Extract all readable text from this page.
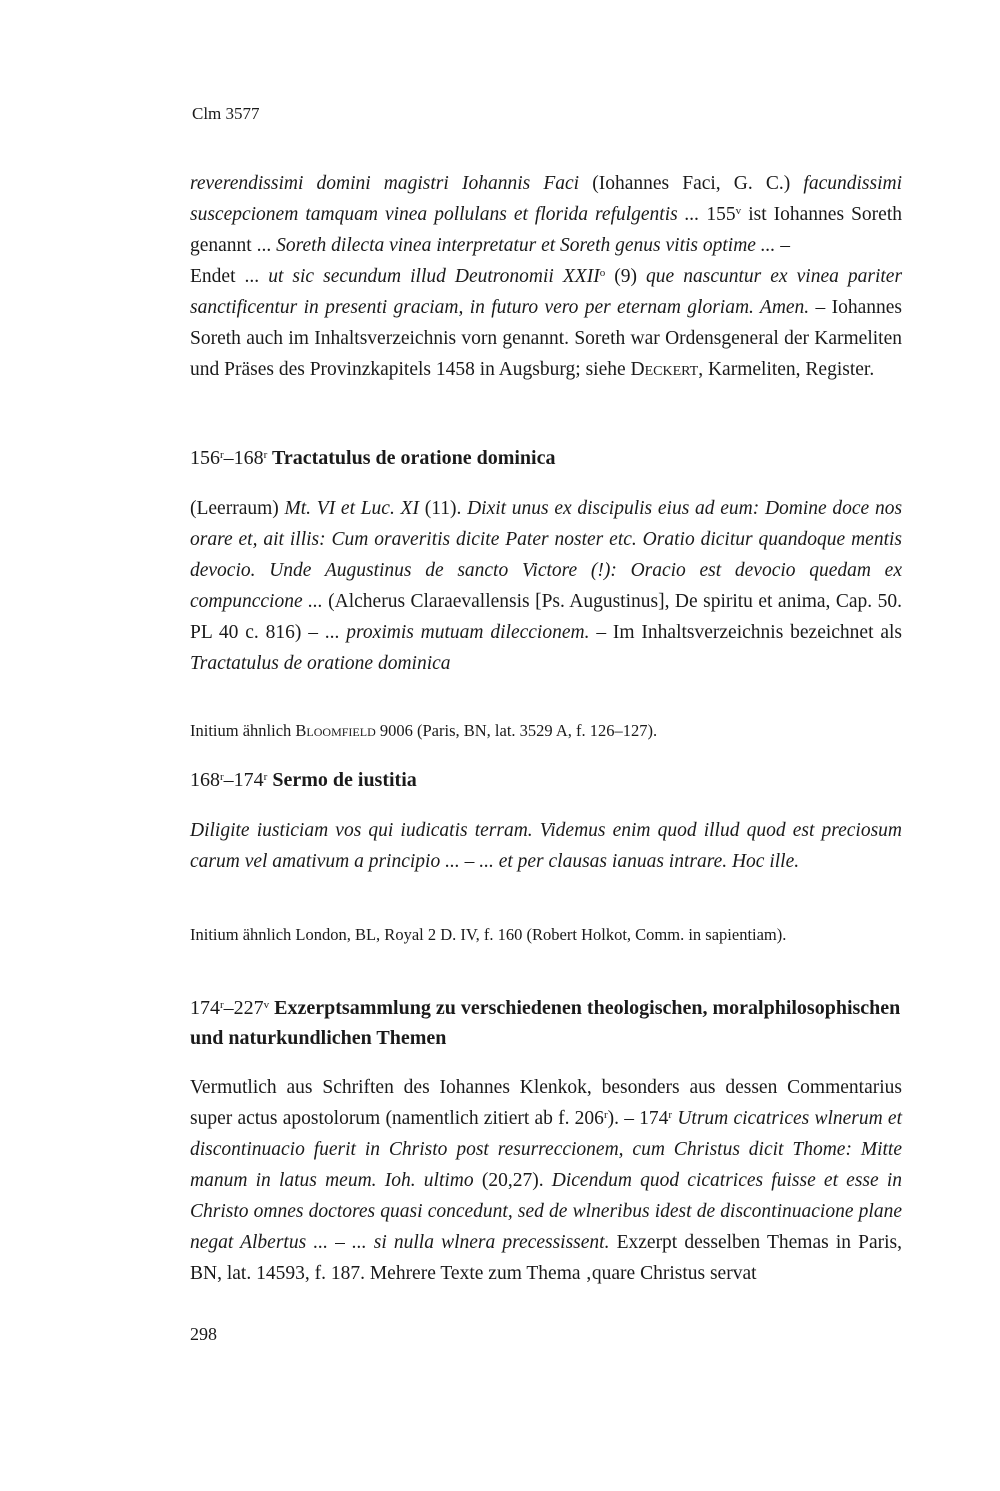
Clm 3577
reverendissimi domini magistri Iohannis Faci (Iohannes Faci, G. C.) facundissimi suscepcionem tamquam vinea pollulans et florida refulgentis ... 155$^v$ ist Iohannes Soreth genannt ... Soreth dilecta vinea interpretatur et Soreth genus vitis optime ... –
Endet ... ut sic secundum illud Deutronomii XXII$^o$ (9) que nascuntur ex vinea pariter sanctificentur in presenti graciam, in futuro vero per eternam gloriam. Amen. – Iohannes Soreth auch im Inhaltsverzeichnis vorn genannt. Soreth war Ordensgeneral der Karmeliten und Präses des Provinzkapitels 1458 in Augsburg; siehe Deckert, Karmeliten, Register.
156$^r$–168$^r$ Tractatulus de oratione dominica
(Leerraum) Mt. VI et Luc. XI (11). Dixit unus ex discipulis eius ad eum: Domine doce nos orare et, ait illis: Cum oraveritis dicite Pater noster etc. Oratio dicitur quandoque mentis devocio. Unde Augustinus de sancto Victore (!): Oracio est devocio quedam ex compunccione ... (Alcherus Claraevallensis [Ps. Augustinus], De spiritu et anima, Cap. 50. PL 40 c. 816) – ... proximis mutuam dileccionem. – Im Inhaltsverzeichnis bezeichnet als Tractatulus de oratione dominica
Initium ähnlich Bloomfield 9006 (Paris, BN, lat. 3529 A, f. 126–127).
168$^r$–174$^r$ Sermo de iustitia
Diligite iusticiam vos qui iudicatis terram. Videmus enim quod illud quod est preciosum carum vel amativum a principio ... – ... et per clausas ianuas intrare. Hoc ille.
Initium ähnlich London, BL, Royal 2 D. IV, f. 160 (Robert Holkot, Comm. in sapientiam).
174$^r$–227$^v$ Exzerptsammlung zu verschiedenen theologischen, moralphilosophischen und naturkundlichen Themen
Vermutlich aus Schriften des Iohannes Klenkok, besonders aus dessen Commentarius super actus apostolorum (namentlich zitiert ab f. 206$^r$). – 174$^r$ Utrum cicatrices wlnerum et discontinuacio fuerit in Christo post resurreccionem, cum Christus dicit Thome: Mitte manum in latus meum. Ioh. ultimo (20,27). Dicendum quod cicatrices fuisse et esse in Christo omnes doctores quasi concedunt, sed de wlneribus idest de discontinuacione plane negat Albertus ... – ... si nulla wlnera precessissent. Exzerpt desselben Themas in Paris, BN, lat. 14593, f. 187. Mehrere Texte zum Thema ‚quare Christus servat
298
